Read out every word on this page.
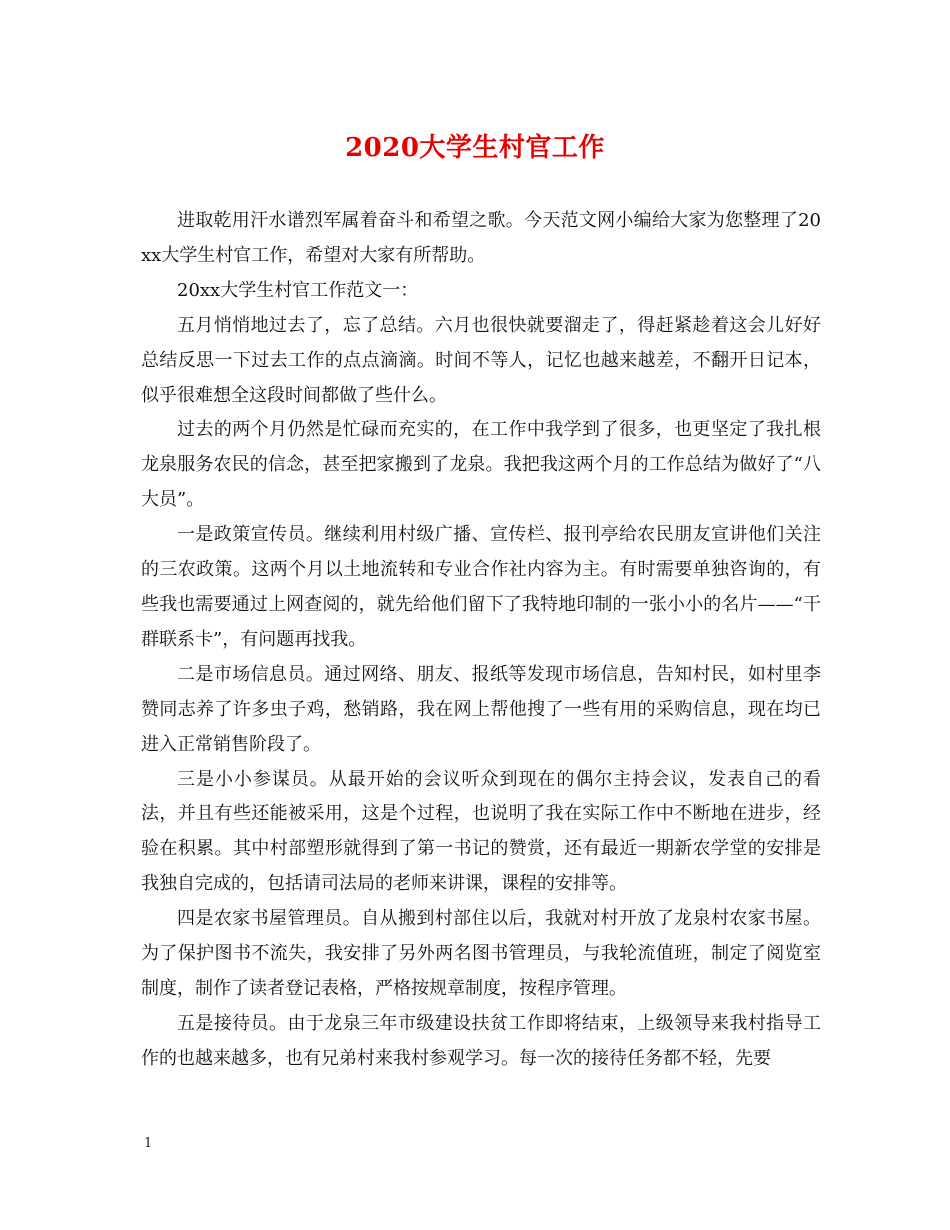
2020大学生村官工作

进取乾用汗水谱烈军属着奋斗和希望之歌。今天范文网小编给大家为您整理了20xx大学生村官工作，希望对大家有所帮助。

20xx大学生村官工作范文一：

五月悄悄地过去了，忘了总结。六月也很快就要溜走了，得赶紧趁着这会儿好好总结反思一下过去工作的点点滴滴。时间不等人，记忆也越来越差，不翻开日记本，似乎很难想全这段时间都做了些什么。

过去的两个月仍然是忙碌而充实的，在工作中我学到了很多，也更坚定了我扎根龙泉服务农民的信念，甚至把家搬到了龙泉。我把我这两个月的工作总结为做好了“八大员”。

一是政策宣传员。继续利用村级广播、宣传栏、报刊亭给农民朋友宣讲他们关注的三农政策。这两个月以土地流转和专业合作社内容为主。有时需要单独咨询的，有些我也需要通过上网查阅的，就先给他们留下了我特地印制的一张小小的名片——“干群联系卡”，有问题再找我。

二是市场信息员。通过网络、朋友、报纸等发现市场信息，告知村民，如村里李赞同志养了许多虫子鸡，愁销路，我在网上帮他搜了一些有用的采购信息，现在均已进入正常销售阶段了。

三是小小参谋员。从最开始的会议听众到现在的偶尔主持会议，发表自己的看法，并且有些还能被采用，这是个过程，也说明了我在实际工作中不断地在进步，经验在积累。其中村部塑形就得到了第一书记的赞赏，还有最近一期新农学堂的安排是我独自完成的，包括请司法局的老师来讲课，课程的安排等。

四是农家书屋管理员。自从搬到村部住以后，我就对村开放了龙泉村农家书屋。为了保护图书不流失，我安排了另外两名图书管理员，与我轮流值班，制定了阅览室制度，制作了读者登记表格，严格按规章制度，按程序管理。

五是接待员。由于龙泉三年市级建设扶贫工作即将结束，上级领导来我村指导工作的也越来越多，也有兄弟村来我村参观学习。每一次的接待任务都不轻，先要

1
